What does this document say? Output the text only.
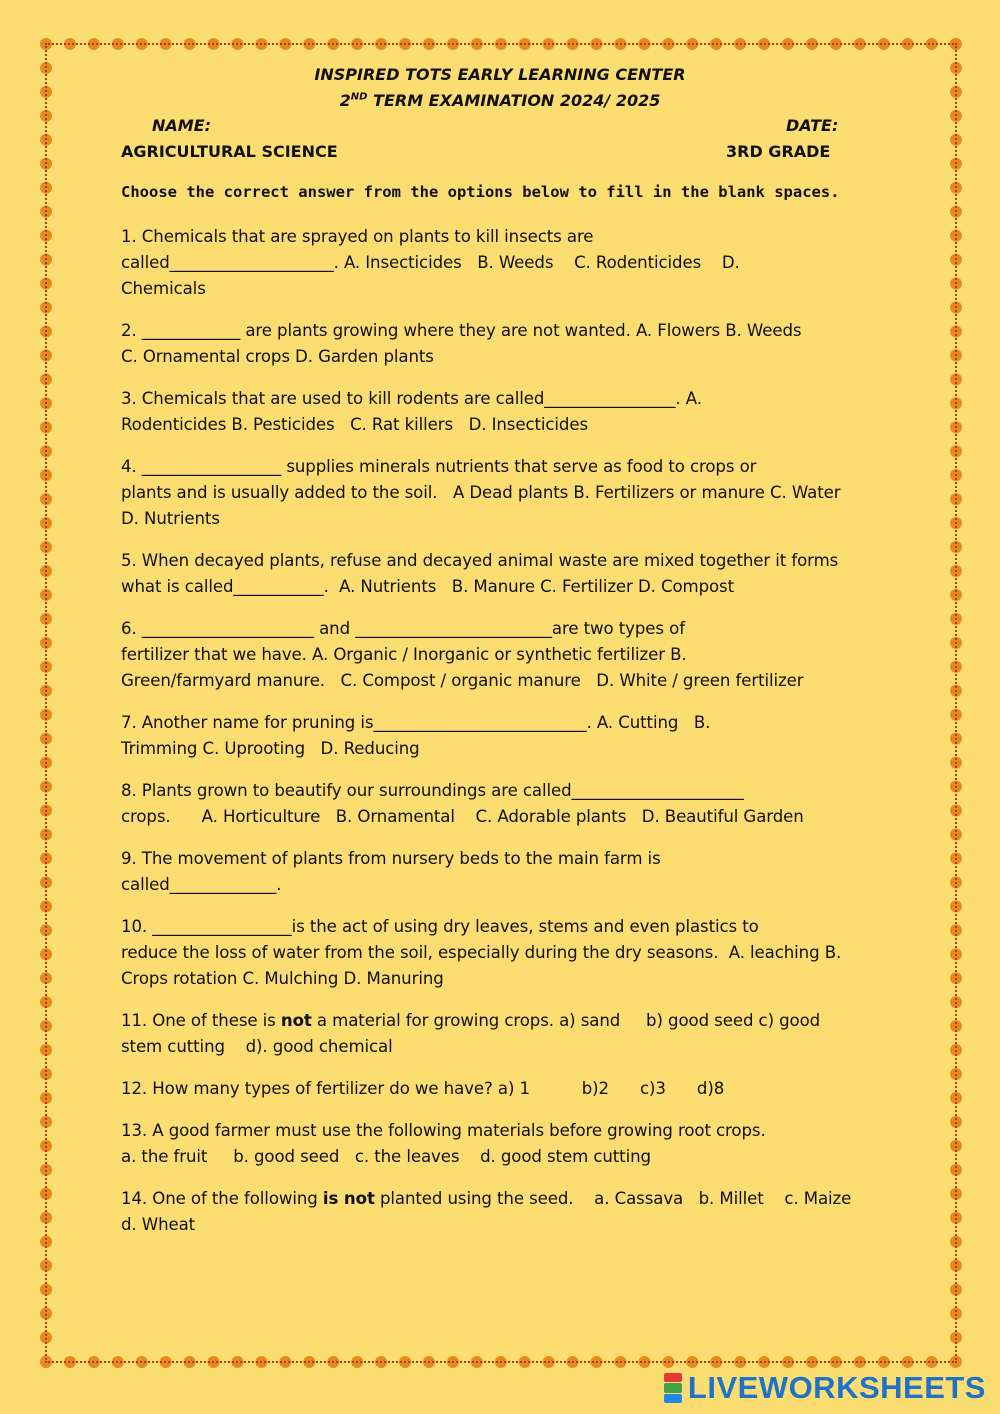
INSPIRED TOTS EARLY LEARNING CENTER
2ND TERM EXAMINATION 2024/ 2025
NAME:	DATE:
AGRICULTURAL SCIENCE	3RD GRADE
Choose the correct answer from the options below to fill in the blank spaces.

1. Chemicals that are sprayed on plants to kill insects are
called____________________. A. Insecticides   B. Weeds    C. Rodenticides    D.
Chemicals

2. ____________ are plants growing where they are not wanted. A. Flowers B. Weeds
C. Ornamental crops D. Garden plants

3. Chemicals that are used to kill rodents are called________________. A.
Rodenticides B. Pesticides   C. Rat killers   D. Insecticides

4. _________________ supplies minerals nutrients that serve as food to crops or
plants and is usually added to the soil.   A Dead plants B. Fertilizers or manure C. Water
D. Nutrients

5. When decayed plants, refuse and decayed animal waste are mixed together it forms
what is called___________.  A. Nutrients   B. Manure C. Fertilizer D. Compost

6. _____________________ and ________________________are two types of
fertilizer that we have. A. Organic / Inorganic or synthetic fertilizer B.
Green/farmyard manure.   C. Compost / organic manure   D. White / green fertilizer

7. Another name for pruning is__________________________. A. Cutting   B.
Trimming C. Uprooting   D. Reducing

8. Plants grown to beautify our surroundings are called_____________________
crops.      A. Horticulture   B. Ornamental    C. Adorable plants   D. Beautiful Garden

9. The movement of plants from nursery beds to the main farm is
called_____________.

10. _________________is the act of using dry leaves, stems and even plastics to
reduce the loss of water from the soil, especially during the dry seasons.  A. leaching B.
Crops rotation C. Mulching D. Manuring

11. One of these is not a material for growing crops. a) sand     b) good seed c) good
stem cutting    d). good chemical

12. How many types of fertilizer do we have? a) 1          b)2      c)3      d)8

13. A good farmer must use the following materials before growing root crops.
a. the fruit     b. good seed   c. the leaves    d. good stem cutting

14. One of the following is not planted using the seed.    a. Cassava   b. Millet    c. Maize
d. Wheat

LIVEWORKSHEETS
